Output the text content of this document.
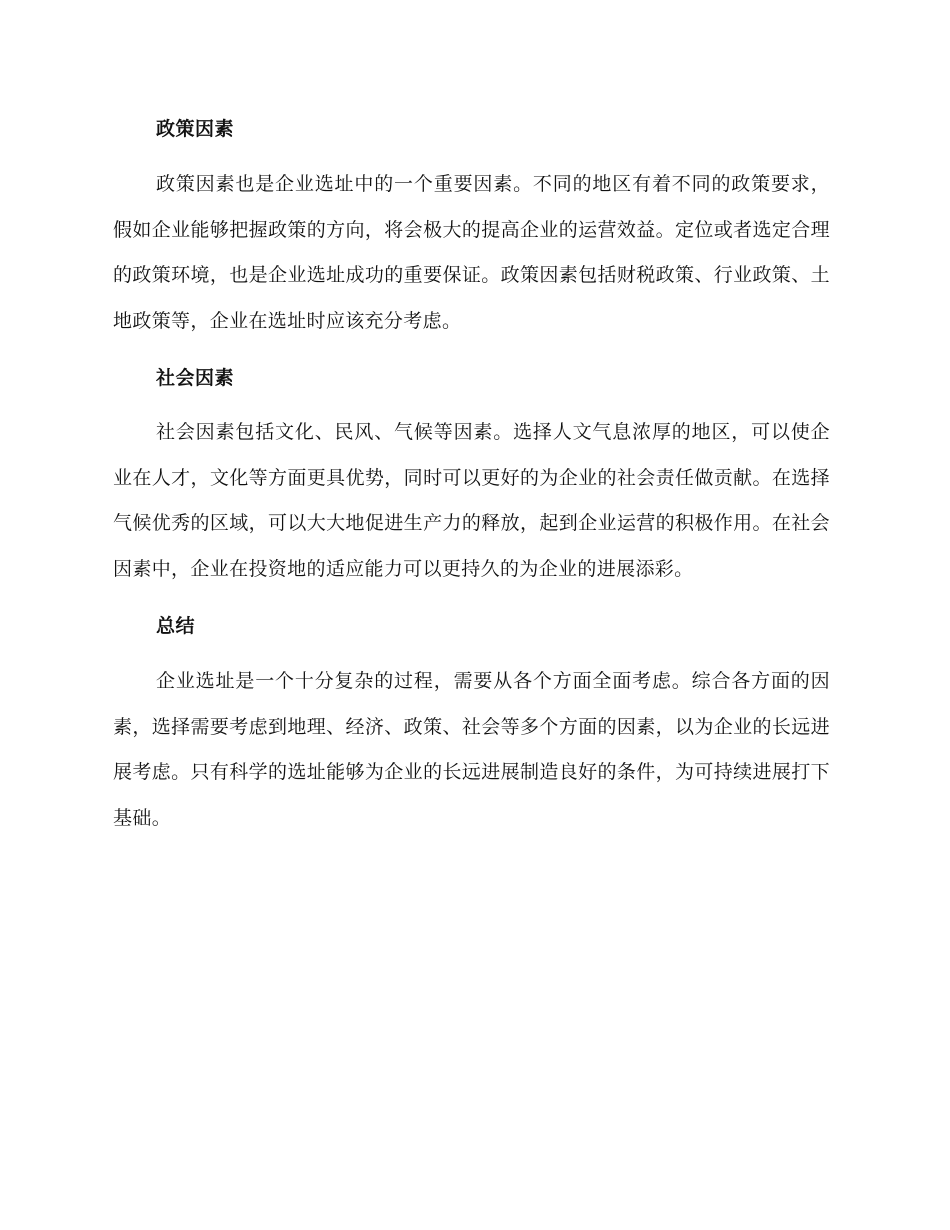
政策因素

政策因素也是企业选址中的一个重要因素。不同的地区有着不同的政策要求，假如企业能够把握政策的方向，将会极大的提高企业的运营效益。定位或者选定合理的政策环境，也是企业选址成功的重要保证。政策因素包括财税政策、行业政策、土地政策等，企业在选址时应该充分考虑。

社会因素

社会因素包括文化、民风、气候等因素。选择人文气息浓厚的地区，可以使企业在人才，文化等方面更具优势，同时可以更好的为企业的社会责任做贡献。在选择气候优秀的区域，可以大大地促进生产力的释放，起到企业运营的积极作用。在社会因素中，企业在投资地的适应能力可以更持久的为企业的进展添彩。

总结

企业选址是一个十分复杂的过程，需要从各个方面全面考虑。综合各方面的因素，选择需要考虑到地理、经济、政策、社会等多个方面的因素，以为企业的长远进展考虑。只有科学的选址能够为企业的长远进展制造良好的条件，为可持续进展打下基础。
